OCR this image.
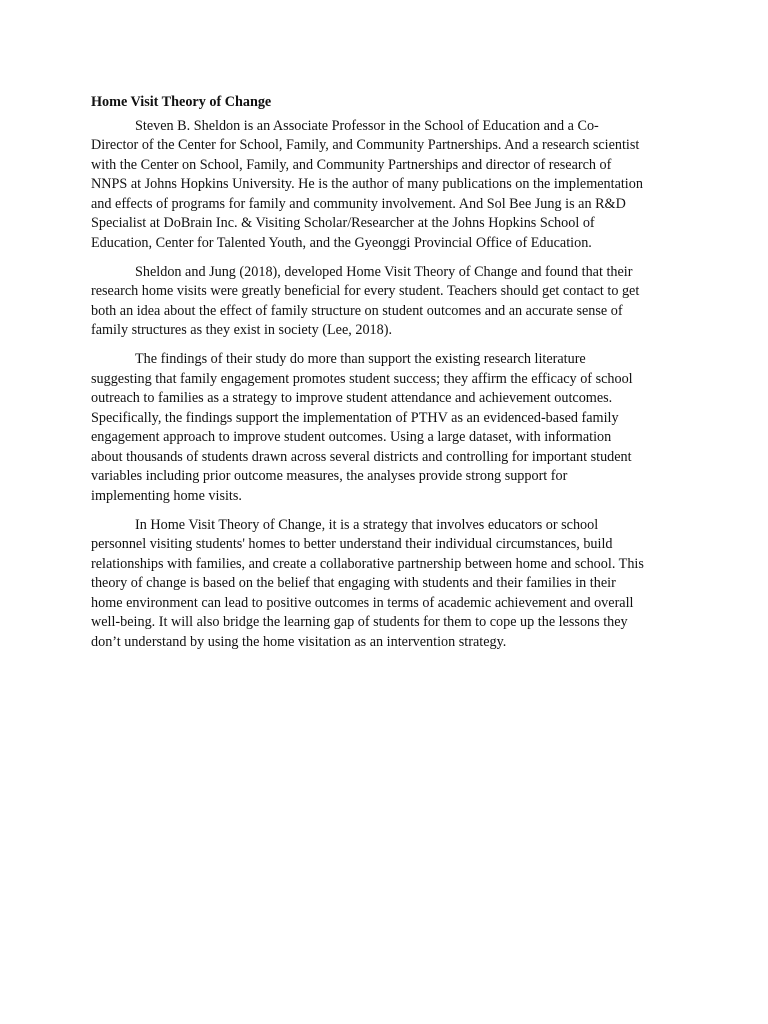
Home Visit Theory of Change
Steven B. Sheldon is an Associate Professor in the School of Education and a Co-
Director of the Center for School, Family, and Community Partnerships. And a research scientist
with the Center on School, Family, and Community Partnerships and director of research of
NNPS at Johns Hopkins University. He is the author of many publications on the implementation
and effects of programs for family and community involvement. And Sol Bee Jung is an R&D
Specialist at DoBrain Inc. & Visiting Scholar/Researcher at the Johns Hopkins School of
Education, Center for Talented Youth, and the Gyeonggi Provincial Office of Education.
Sheldon and Jung (2018), developed Home Visit Theory of Change and found that their
research home visits were greatly beneficial for every student. Teachers should get contact to get
both an idea about the effect of family structure on student outcomes and an accurate sense of
family structures as they exist in society (Lee, 2018).
The findings of their study do more than support the existing research literature
suggesting that family engagement promotes student success; they affirm the efficacy of school
outreach to families as a strategy to improve student attendance and achievement outcomes.
Specifically, the findings support the implementation of PTHV as an evidenced-based family
engagement approach to improve student outcomes. Using a large dataset, with information
about thousands of students drawn across several districts and controlling for important student
variables including prior outcome measures, the analyses provide strong support for
implementing home visits.
In Home Visit Theory of Change, it is a strategy that involves educators or school
personnel visiting students' homes to better understand their individual circumstances, build
relationships with families, and create a collaborative partnership between home and school. This
theory of change is based on the belief that engaging with students and their families in their
home environment can lead to positive outcomes in terms of academic achievement and overall
well-being. It will also bridge the learning gap of students for them to cope up the lessons they
don’t understand by using the home visitation as an intervention strategy.
